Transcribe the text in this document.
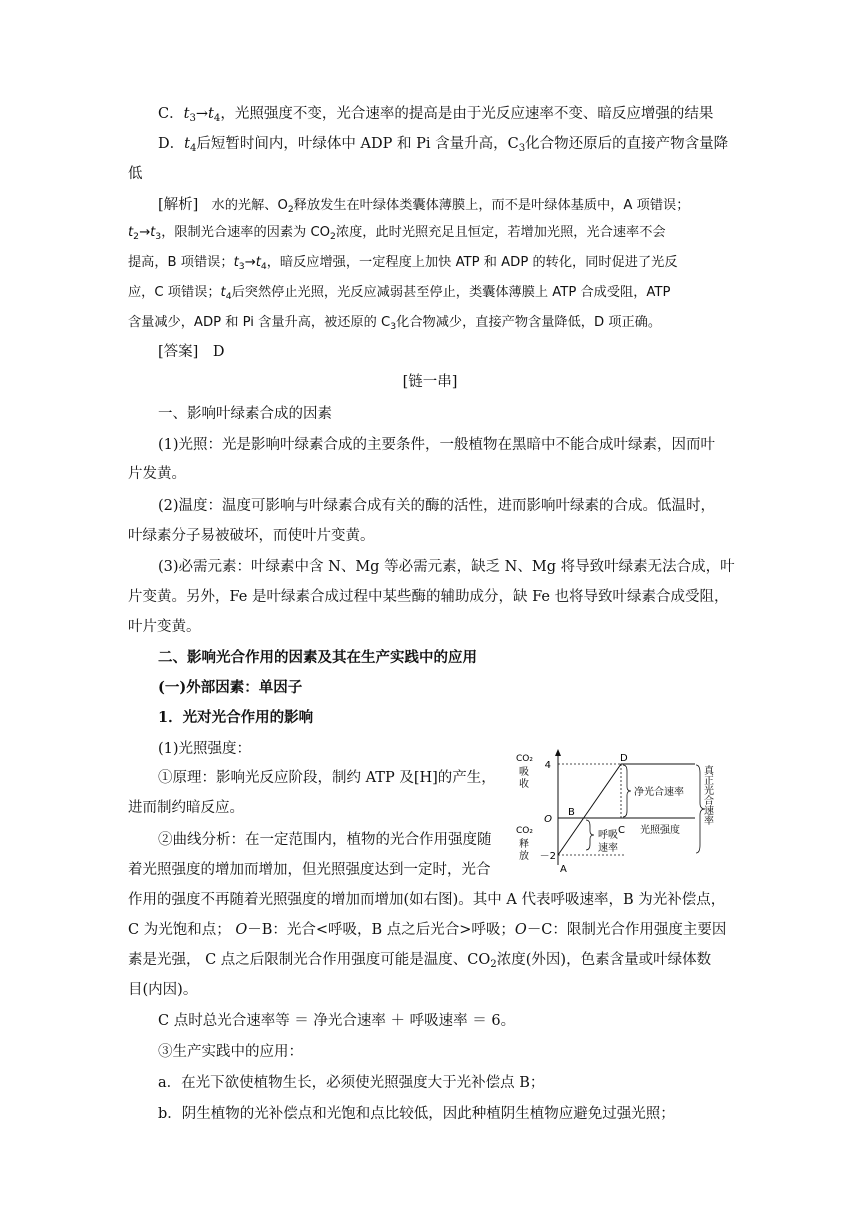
C．$t_3\to t_4$，光照强度不变，光合速率的提高是由于光反应速率不变、暗反应增强的结果
D．$t_4$后短暂时间内，叶绿体中 ADP 和 Pi 含量升高，$C_3$化合物还原后的直接产物含量降
低
[解析]　水的光解、$O_2$释放发生在叶绿体类囊体薄膜上，而不是叶绿体基质中，A 项错误；
$t_2\to t_3$，限制光合速率的因素为 $CO_2$浓度，此时光照充足且恒定，若增加光照，光合速率不会
提高，B 项错误；$t_3\to t_4$，暗反应增强，一定程度上加快 ATP 和 ADP 的转化，同时促进了光反
应，C 项错误；$t_4$后突然停止光照，光反应减弱甚至停止，类囊体薄膜上 ATP 合成受阻，ATP
含量减少，ADP 和 Pi 含量升高，被还原的 $C_3$化合物减少，直接产物含量降低，D 项正确。
[答案]　 D
[链一串]
一、影响叶绿素合成的因素
(1)光照：光是影响叶绿素合成的主要条件，一般植物在黑暗中不能合成叶绿素，因而叶
片发黄。
(2)温度：温度可影响与叶绿素合成有关的酶的活性，进而影响叶绿素的合成。低温时，
叶绿素分子易被破坏，而使叶片变黄。
(3)必需元素：叶绿素中含 N、Mg 等必需元素，缺乏 N、Mg 将导致叶绿素无法合成，叶
片变黄。另外，Fe 是叶绿素合成过程中某些酶的辅助成分，缺 Fe 也将导致叶绿素合成受阻，
叶片变黄。
二、影响光合作用的因素及其在生产实践中的应用
(一)外部因素：单因子
1．光对光合作用的影响
(1)光照强度：
①原理：影响光反应阶段，制约 ATP 及[H]的产生，
进而制约暗反应。
②曲线分析：在一定范围内，植物的光合作用强度随
着光照强度的增加而增加，但光照强度达到一定时，光合
作用的强度不再随着光照强度的增加而增加(如右图)。其中 A 代表呼吸速率，B 为光补偿点，
C 为光饱和点； O－B：光合<呼吸，B 点之后光合>呼吸；O－C：限制光合作用强度主要因
素是光强， C 点之后限制光合作用强度可能是温度、$CO_2$浓度(外因)，色素含量或叶绿体数
目(内因)。
C 点时总光合速率等 ＝ 净光合速率 ＋ 呼吸速率 ＝ 6。
③生产实践中的应用：
a．在光下欲使植物生长，必须使光照强度大于光补偿点 B；
b．阴生植物的光补偿点和光饱和点比较低，因此种植阴生植物应避免过强光照；
4
O
－2
CO₂
吸
收
CO₂
释
放
A
B
C
D
光照强度
净光合速率
呼吸
速率
真正光合速率
